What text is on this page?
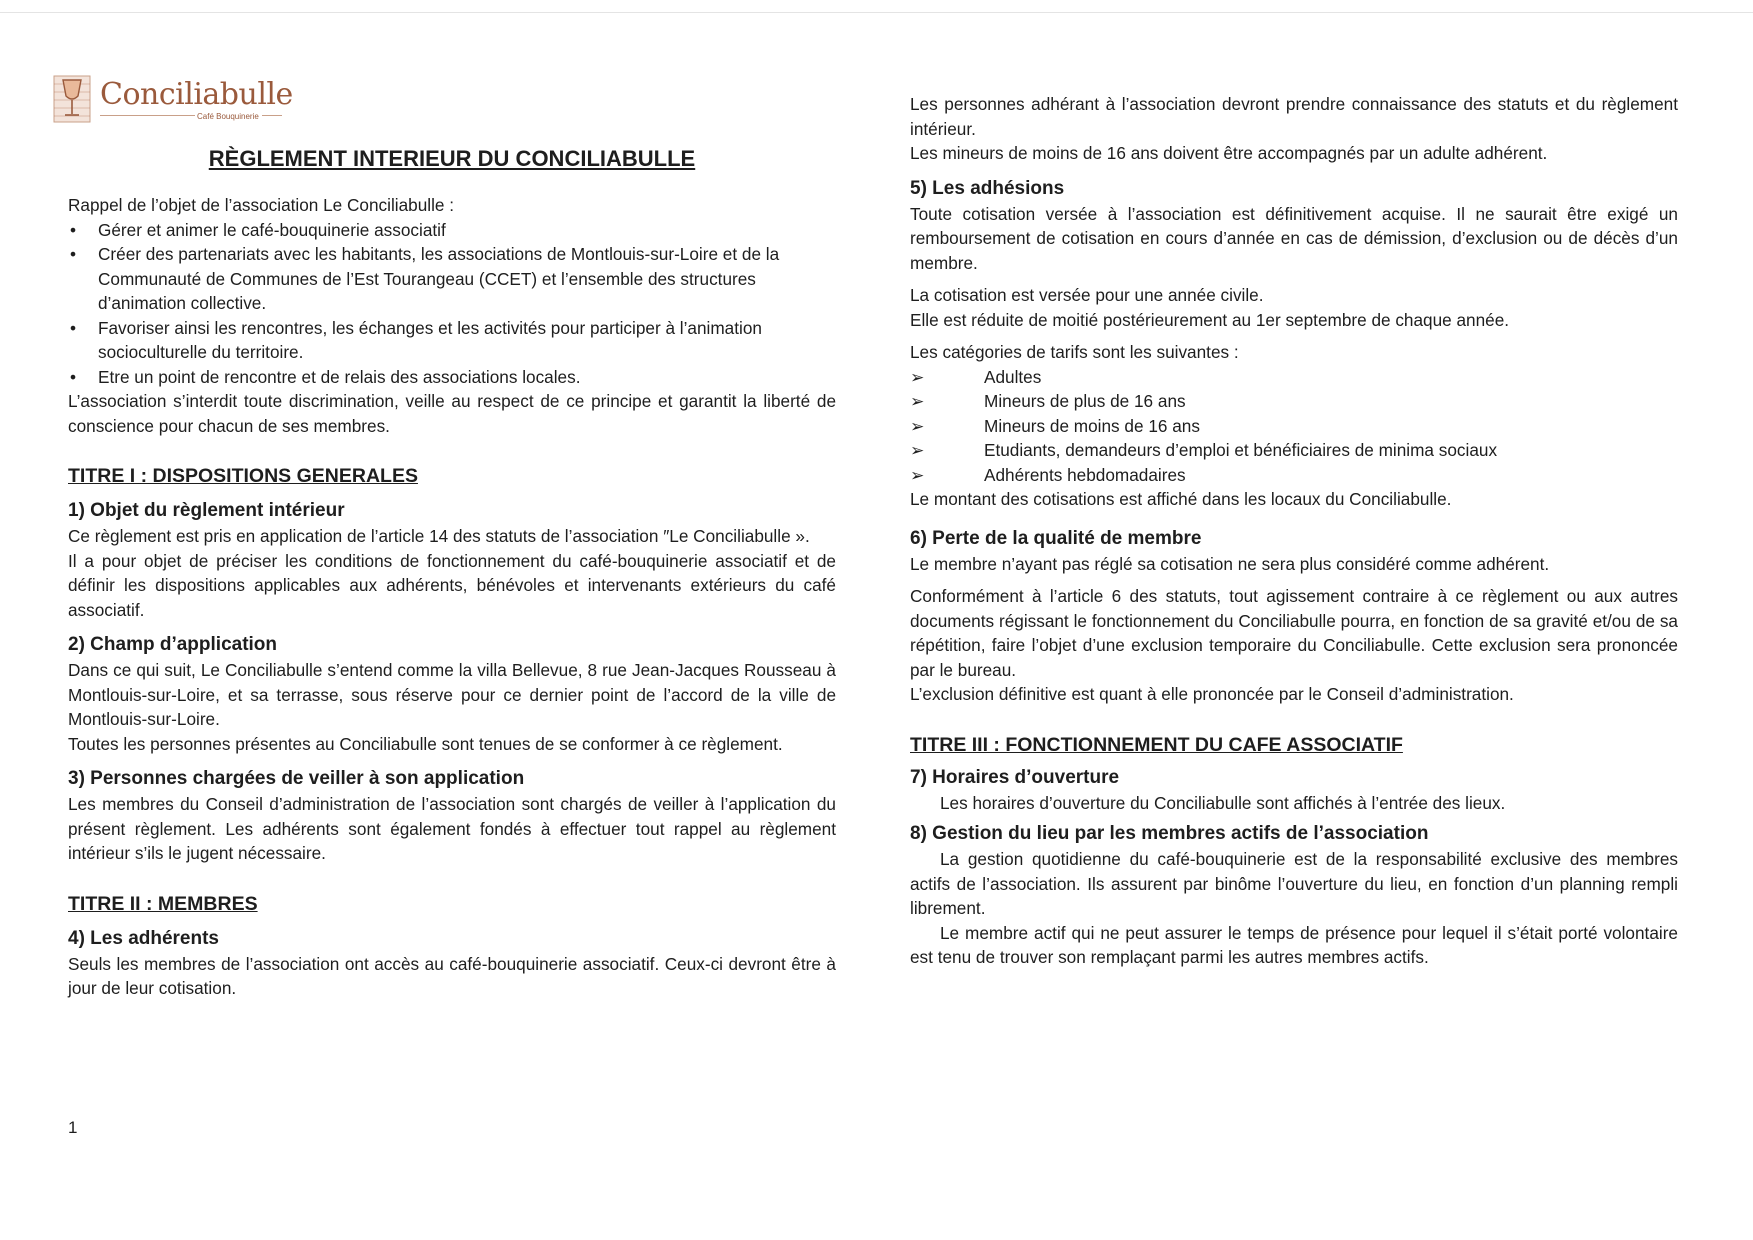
Conciliabulle
Café Bouquinerie
RÈGLEMENT INTERIEUR DU CONCILIABULLE

Rappel de l’objet de l’association Le Conciliabulle :

• Gérer et animer le café-bouquinerie associatif

• Créer des partenariats avec les habitants, les associations de Montlouis-sur-Loire et de la Communauté de Communes de l’Est Tourangeau (CCET) et l’ensemble des structures d’animation collective.

• Favoriser ainsi les rencontres, les échanges et les activités pour participer à l’animation socioculturelle du territoire.

• Etre un point de rencontre et de relais des associations locales.

L’association s’interdit toute discrimination, veille au respect de ce principe et garantit la liberté de conscience pour chacun de ses membres.

TITRE I : DISPOSITIONS GENERALES
1) Objet du règlement intérieur

Ce règlement est pris en application de l’article 14 des statuts de l’association ″Le Conciliabulle ».

Il a pour objet de préciser les conditions de fonctionnement du café-bouquinerie associatif et de définir les dispositions applicables aux adhérents, bénévoles et intervenants extérieurs du café associatif.

2) Champ d’application

Dans ce qui suit, Le Conciliabulle s’entend comme la villa Bellevue, 8 rue Jean-Jacques Rousseau à Montlouis-sur-Loire, et sa terrasse, sous réserve pour ce dernier point de l’accord de la ville de Montlouis-sur-Loire.

Toutes les personnes présentes au Conciliabulle sont tenues de se conformer à ce règlement.

3) Personnes chargées de veiller à son application

Les membres du Conseil d’administration de l’association sont chargés de veiller à l’application du présent règlement. Les adhérents sont également fondés à effectuer tout rappel au règlement intérieur s’ils le jugent nécessaire.

TITRE II : MEMBRES
4) Les adhérents

Seuls les membres de l’association ont accès au café-bouquinerie associatif. Ceux-ci devront être à jour de leur cotisation.

1

Les personnes adhérant à l’association devront prendre connaissance des statuts et du règlement intérieur.

Les mineurs de moins de 16 ans doivent être accompagnés par un adulte adhérent.

5) Les adhésions

Toute cotisation versée à l’association est définitivement acquise. Il ne saurait être exigé un remboursement de cotisation en cours d’année en cas de démission, d’exclusion ou de décès d’un membre.

La cotisation est versée pour une année civile.

Elle est réduite de moitié postérieurement au 1er septembre de chaque année.

Les catégories de tarifs sont les suivantes :

➢	Adultes

➢	Mineurs de plus de 16 ans

➢	Mineurs de moins de 16 ans

➢	Etudiants, demandeurs d’emploi et bénéficiaires de minima sociaux

➢	Adhérents hebdomadaires

Le montant des cotisations est affiché dans les locaux du Conciliabulle.

6) Perte de la qualité de membre

Le membre n’ayant pas réglé sa cotisation ne sera plus considéré comme adhérent.

Conformément à l’article 6 des statuts, tout agissement contraire à ce règlement ou aux autres documents régissant le fonctionnement du Conciliabulle pourra, en fonction de sa gravité et/ou de sa répétition, faire l’objet d’une exclusion temporaire du Conciliabulle. Cette exclusion sera prononcée par le bureau.

L’exclusion définitive est quant à elle prononcée par le Conseil d’administration.

TITRE III : FONCTIONNEMENT DU CAFE ASSOCIATIF
7) Horaires d’ouverture

Les horaires d’ouverture du Conciliabulle sont affichés à l’entrée des lieux.

8) Gestion du lieu par les membres actifs de l’association

La gestion quotidienne du café-bouquinerie est de la responsabilité exclusive des membres actifs de l’association. Ils assurent par binôme l’ouverture du lieu, en fonction d’un planning rempli librement.

Le membre actif qui ne peut assurer le temps de présence pour lequel il s’était porté volontaire est tenu de trouver son remplaçant parmi les autres membres actifs.
